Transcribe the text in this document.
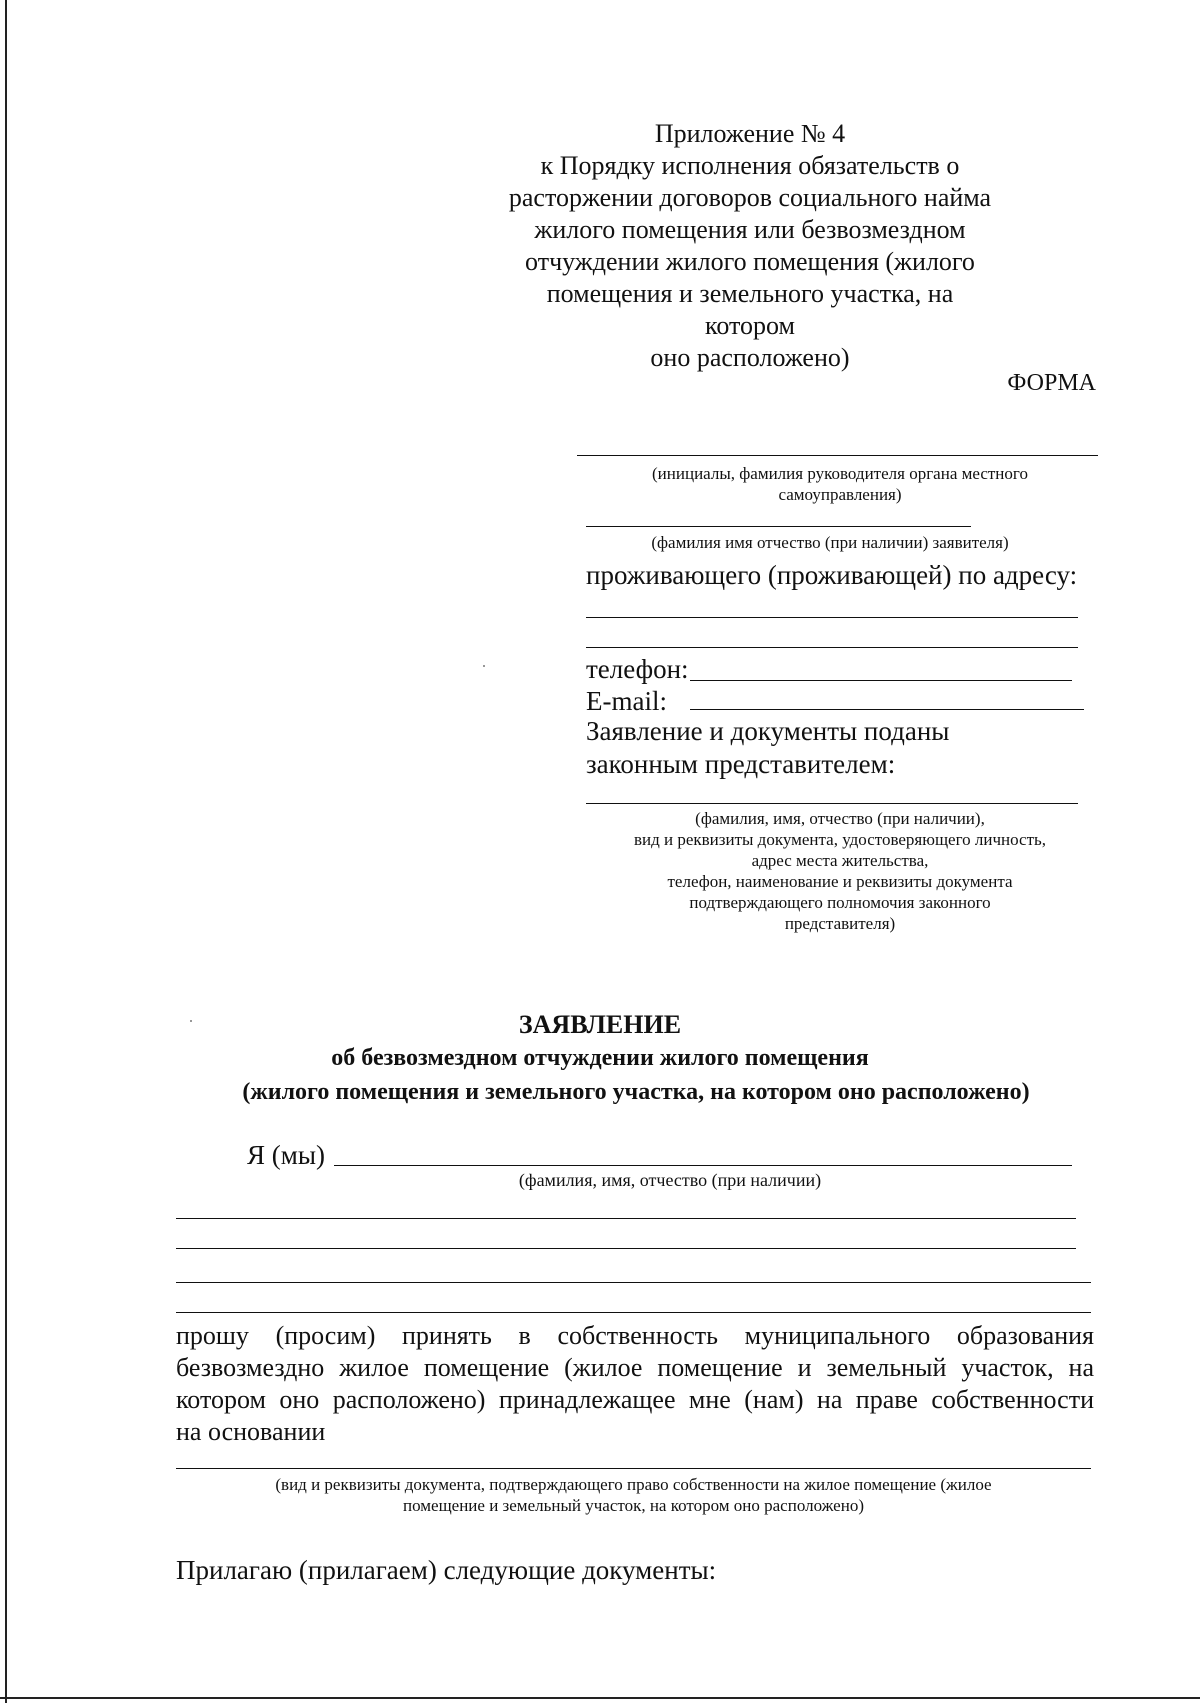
Приложение № 4
к Порядку исполнения обязательств о
расторжении договоров социального найма
жилого помещения или безвозмездном
отчуждении жилого помещения (жилого
помещения и земельного участка, на котором
оно расположено)
ФОРМА
(инициалы, фамилия руководителя органа местного
самоуправления)
(фамилия имя отчество (при наличии) заявителя)
проживающего (проживающей) по адресу:
телефон:
E-mail:
Заявление и документы поданы
законным представителем:
(фамилия, имя, отчество (при наличии),
вид и реквизиты документа, удостоверяющего личность,
адрес места жительства,
телефон, наименование и реквизиты документа
подтверждающего полномочия законного
представителя)
ЗАЯВЛЕНИЕ
об безвозмездном отчуждении жилого помещения
(жилого помещения и земельного участка, на котором оно расположено)
Я (мы)
(фамилия, имя, отчество (при наличии)
прошу (просим) принять в собственность муниципального образования
безвозмездно жилое помещение (жилое помещение и земельный участок, на
котором оно расположено) принадлежащее мне (нам) на праве собственности
на основании
(вид и реквизиты документа, подтверждающего право собственности на жилое помещение (жилое
помещение и земельный участок, на котором оно расположено)
Прилагаю (прилагаем) следующие документы:
